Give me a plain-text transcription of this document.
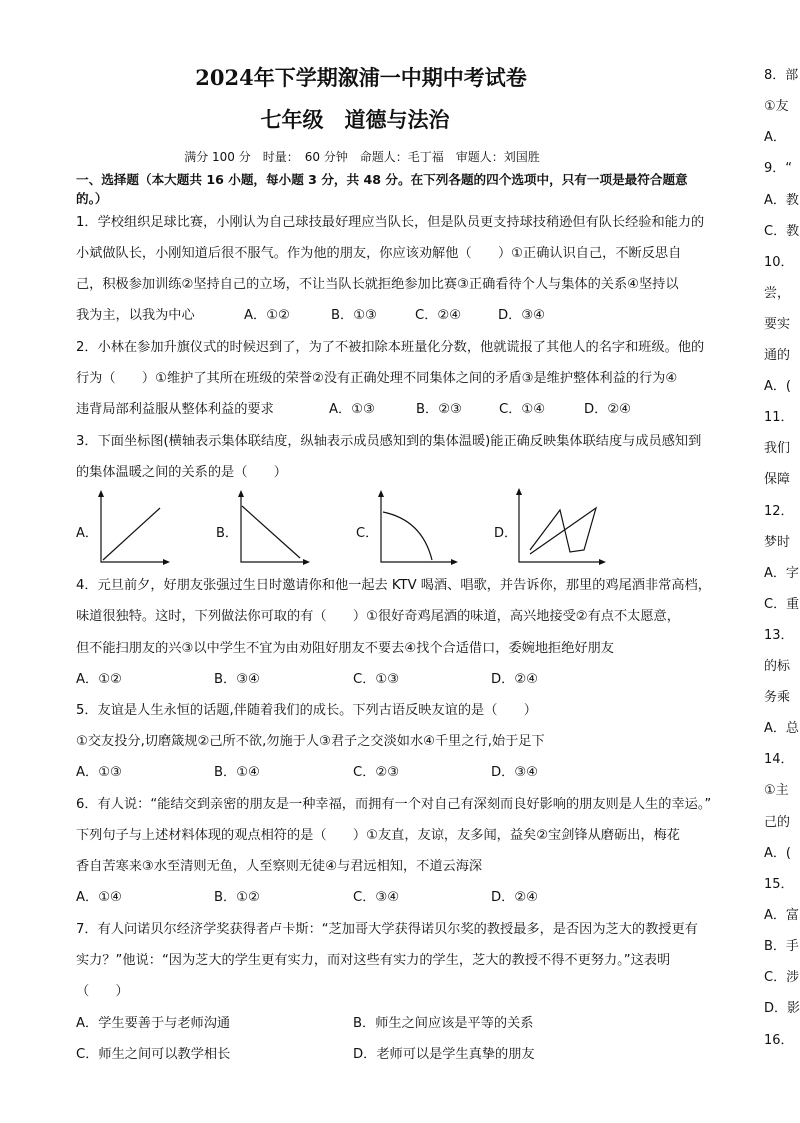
2024年下学期溆浦一中期中考试卷
七年级　道德与法治
满分 100 分　时量：　60 分钟　命题人：毛丁福　审题人：刘国胜
一、选择题（本大题共 16 小题，每小题 3 分，共 48 分。在下列各题的四个选项中，只有一项是最符合题意
的。）
1．学校组织足球比赛，小刚认为自己球技最好理应当队长，但是队员更支持球技稍逊但有队长经验和能力的
小斌做队长，小刚知道后很不服气。作为他的朋友，你应该劝解他（　　）①正确认识自己，不断反思自
己，积极参加训练②坚持自己的立场，不让当队长就拒绝参加比赛③正确看待个人与集体的关系④坚持以
我为主，以我为中心	A．①②	B．①③	C．②④	D．③④
2．小林在参加升旗仪式的时候迟到了，为了不被扣除本班量化分数，他就谎报了其他人的名字和班级。他的
行为（　　）①维护了其所在班级的荣誉②没有正确处理不同集体之间的矛盾③是维护整体利益的行为④
违背局部利益服从整体利益的要求	A．①③	B．②③	C．①④	D．②④
3．下面坐标图(横轴表示集体联结度，纵轴表示成员感知到的集体温暖)能正确反映集体联结度与成员感知到
的集体温暖之间的关系的是（　　）
A．	B．	C．	D．
4．元旦前夕，好朋友张强过生日时邀请你和他一起去 KTV 喝酒、唱歌，并告诉你，那里的鸡尾酒非常高档，
味道很独特。这时，下列做法你可取的有（　　）①很好奇鸡尾酒的味道，高兴地接受②有点不太愿意，
但不能扫朋友的兴③以中学生不宜为由劝阻好朋友不要去④找个合适借口，委婉地拒绝好朋友
A．①②	B．③④	C．①③	D．②④
5．友谊是人生永恒的话题,伴随着我们的成长。下列古语反映友谊的是（　　）
①交友投分,切磨箴规②己所不欲,勿施于人③君子之交淡如水④千里之行,始于足下
A．①③	B．①④	C．②③	D．③④
6．有人说：“能结交到亲密的朋友是一种幸福，而拥有一个对自己有深刻而良好影响的朋友则是人生的幸运。”
下列句子与上述材料体现的观点相符的是（　　）①友直，友谅，友多闻，益矣②宝剑锋从磨砺出，梅花
香自苦寒来③水至清则无鱼，人至察则无徒④与君远相知，不道云海深
A．①④	B．①②	C．③④	D．②④
7．有人问诺贝尔经济学奖获得者卢卡斯：“芝加哥大学获得诺贝尔奖的教授最多，是否因为芝大的教授更有
实力？”他说：“因为芝大的学生更有实力，而对这些有实力的学生，芝大的教授不得不更努力。”这表明
（　　）
A．学生要善于与老师沟通	B．师生之间应该是平等的关系
C．师生之间可以教学相长	D．老师可以是学生真挚的朋友
8．部
①友
A．
9．“
A．教
C．教
10．
尝，
要实
通的
A．(
11．
我们
保障
12．
梦时
A．字
C．重
13．
的标
务乘
A．总
14．
①主
己的
A．(
15．
A．富
B．手
C．涉
D．影
16．
